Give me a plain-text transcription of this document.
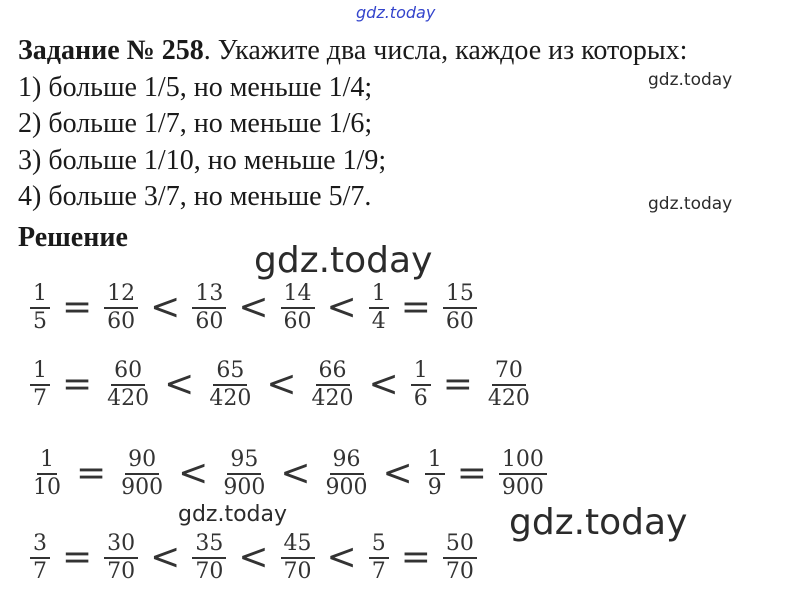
gdz.today
gdz.today
gdz.today
gdz.today
gdz.today	gdz.today

Задание № 258. Укажите два числа, каждое из которых:

1) больше 1/5, но меньше 1/4;

2) больше 1/7, но меньше 1/6;

3) больше 1/10, но меньше 1/9;

4) больше 3/7, но меньше 5/7.

Решение
$\frac{1}{5} = \frac{12}{60} < \frac{13}{60} < \frac{14}{60} < \frac{1}{4} = \frac{15}{60}$
$\frac{1}{7} = \frac{60}{420} < \frac{65}{420} < \frac{66}{420} < \frac{1}{6} = \frac{70}{420}$
$\frac{1}{10} = \frac{90}{900} < \frac{95}{900} < \frac{96}{900} < \frac{1}{9} = \frac{100}{900}$
$\frac{3}{7} = \frac{30}{70} < \frac{35}{70} < \frac{45}{70} < \frac{5}{7} = \frac{50}{70}$
